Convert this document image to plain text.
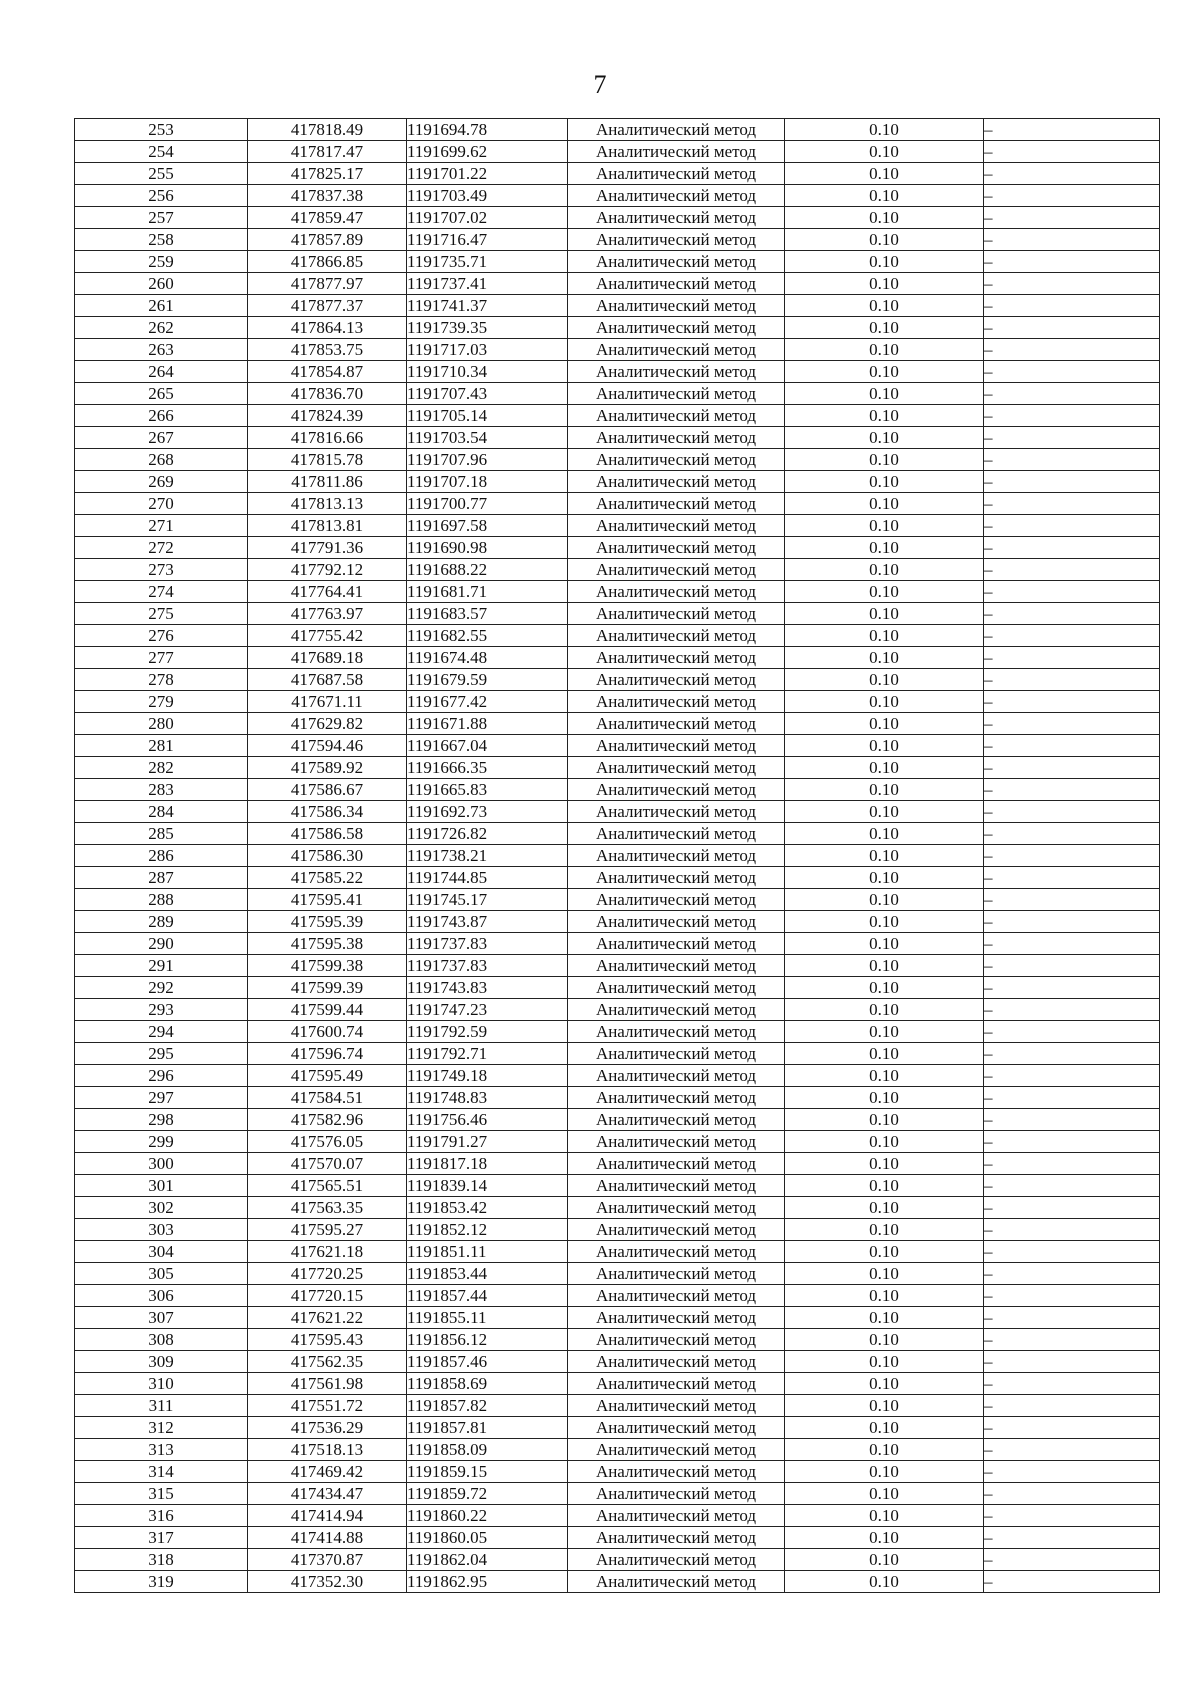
7
253	417818.49	1191694.78	Аналитический метод	0.10	–
254	417817.47	1191699.62	Аналитический метод	0.10	–
255	417825.17	1191701.22	Аналитический метод	0.10	–
256	417837.38	1191703.49	Аналитический метод	0.10	–
257	417859.47	1191707.02	Аналитический метод	0.10	–
258	417857.89	1191716.47	Аналитический метод	0.10	–
259	417866.85	1191735.71	Аналитический метод	0.10	–
260	417877.97	1191737.41	Аналитический метод	0.10	–
261	417877.37	1191741.37	Аналитический метод	0.10	–
262	417864.13	1191739.35	Аналитический метод	0.10	–
263	417853.75	1191717.03	Аналитический метод	0.10	–
264	417854.87	1191710.34	Аналитический метод	0.10	–
265	417836.70	1191707.43	Аналитический метод	0.10	–
266	417824.39	1191705.14	Аналитический метод	0.10	–
267	417816.66	1191703.54	Аналитический метод	0.10	–
268	417815.78	1191707.96	Аналитический метод	0.10	–
269	417811.86	1191707.18	Аналитический метод	0.10	–
270	417813.13	1191700.77	Аналитический метод	0.10	–
271	417813.81	1191697.58	Аналитический метод	0.10	–
272	417791.36	1191690.98	Аналитический метод	0.10	–
273	417792.12	1191688.22	Аналитический метод	0.10	–
274	417764.41	1191681.71	Аналитический метод	0.10	–
275	417763.97	1191683.57	Аналитический метод	0.10	–
276	417755.42	1191682.55	Аналитический метод	0.10	–
277	417689.18	1191674.48	Аналитический метод	0.10	–
278	417687.58	1191679.59	Аналитический метод	0.10	–
279	417671.11	1191677.42	Аналитический метод	0.10	–
280	417629.82	1191671.88	Аналитический метод	0.10	–
281	417594.46	1191667.04	Аналитический метод	0.10	–
282	417589.92	1191666.35	Аналитический метод	0.10	–
283	417586.67	1191665.83	Аналитический метод	0.10	–
284	417586.34	1191692.73	Аналитический метод	0.10	–
285	417586.58	1191726.82	Аналитический метод	0.10	–
286	417586.30	1191738.21	Аналитический метод	0.10	–
287	417585.22	1191744.85	Аналитический метод	0.10	–
288	417595.41	1191745.17	Аналитический метод	0.10	–
289	417595.39	1191743.87	Аналитический метод	0.10	–
290	417595.38	1191737.83	Аналитический метод	0.10	–
291	417599.38	1191737.83	Аналитический метод	0.10	–
292	417599.39	1191743.83	Аналитический метод	0.10	–
293	417599.44	1191747.23	Аналитический метод	0.10	–
294	417600.74	1191792.59	Аналитический метод	0.10	–
295	417596.74	1191792.71	Аналитический метод	0.10	–
296	417595.49	1191749.18	Аналитический метод	0.10	–
297	417584.51	1191748.83	Аналитический метод	0.10	–
298	417582.96	1191756.46	Аналитический метод	0.10	–
299	417576.05	1191791.27	Аналитический метод	0.10	–
300	417570.07	1191817.18	Аналитический метод	0.10	–
301	417565.51	1191839.14	Аналитический метод	0.10	–
302	417563.35	1191853.42	Аналитический метод	0.10	–
303	417595.27	1191852.12	Аналитический метод	0.10	–
304	417621.18	1191851.11	Аналитический метод	0.10	–
305	417720.25	1191853.44	Аналитический метод	0.10	–
306	417720.15	1191857.44	Аналитический метод	0.10	–
307	417621.22	1191855.11	Аналитический метод	0.10	–
308	417595.43	1191856.12	Аналитический метод	0.10	–
309	417562.35	1191857.46	Аналитический метод	0.10	–
310	417561.98	1191858.69	Аналитический метод	0.10	–
311	417551.72	1191857.82	Аналитический метод	0.10	–
312	417536.29	1191857.81	Аналитический метод	0.10	–
313	417518.13	1191858.09	Аналитический метод	0.10	–
314	417469.42	1191859.15	Аналитический метод	0.10	–
315	417434.47	1191859.72	Аналитический метод	0.10	–
316	417414.94	1191860.22	Аналитический метод	0.10	–
317	417414.88	1191860.05	Аналитический метод	0.10	–
318	417370.87	1191862.04	Аналитический метод	0.10	–
319	417352.30	1191862.95	Аналитический метод	0.10	–
